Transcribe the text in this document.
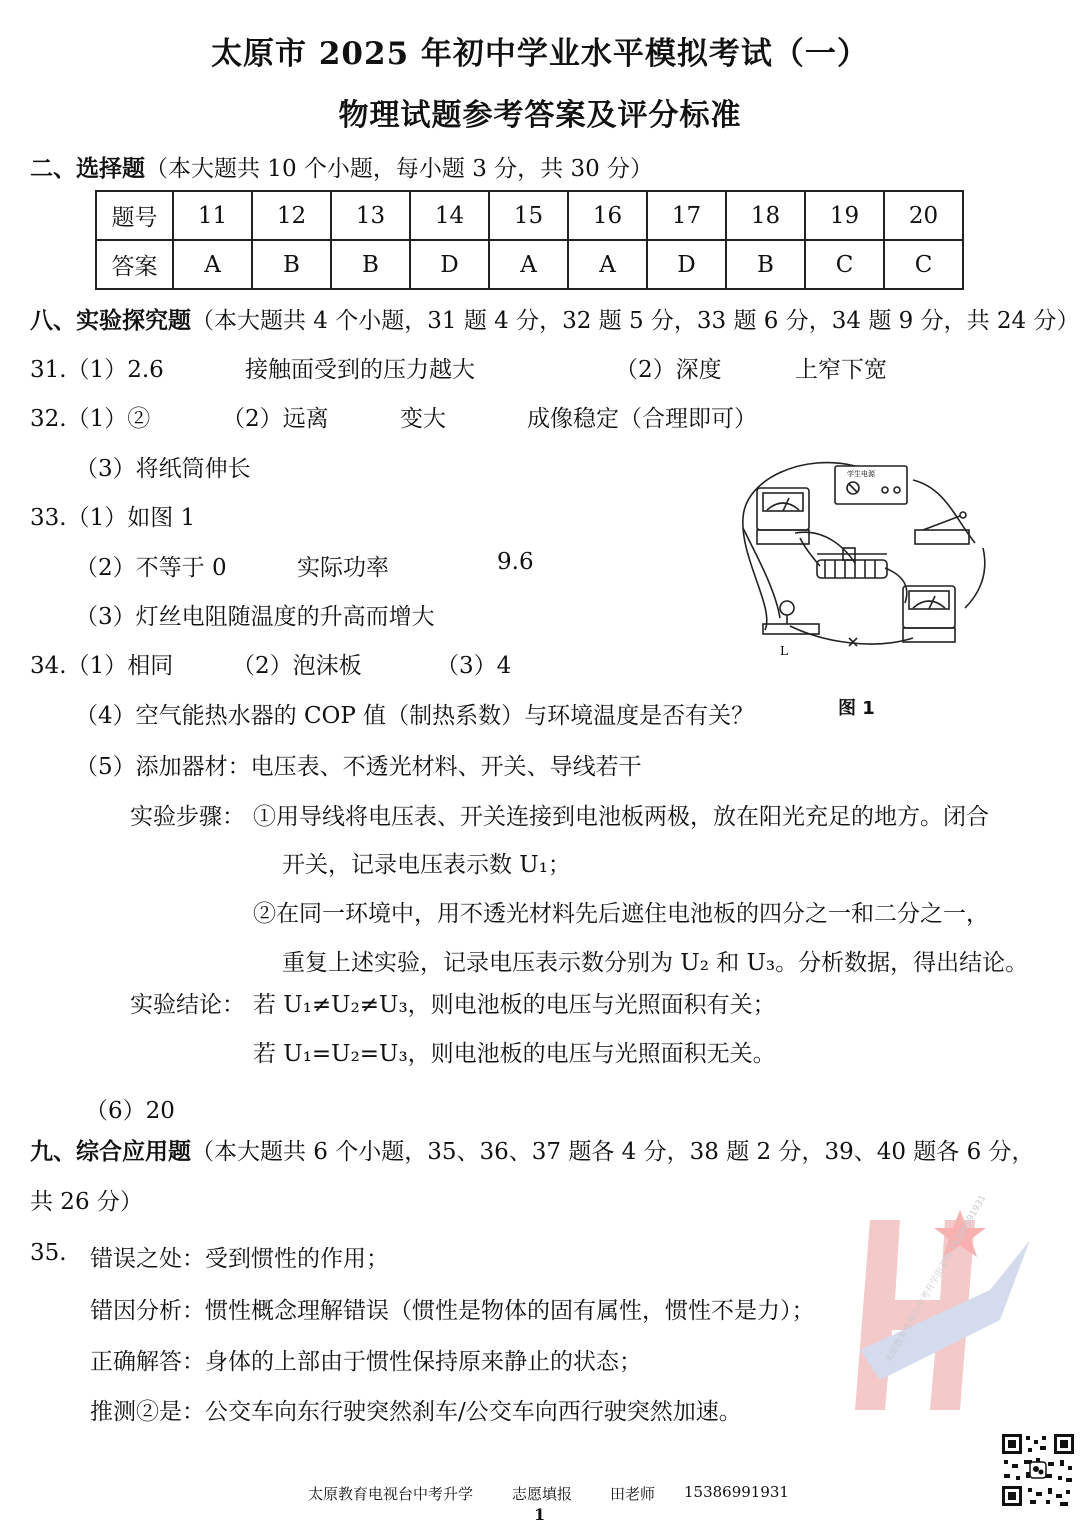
太原市 2025 年初中学业水平模拟考试（一）
物理试题参考答案及评分标准
二、选择题（本大题共 10 个小题，每小题 3 分，共 30 分）
题号	11	12	13	14	15	16	17	18	19	20
答案	A	B	B	D	A	A	D	B	C	C
八、实验探究题（本大题共 4 个小题，31 题 4 分，32 题 5 分，33 题 6 分，34 题 9 分，共 24 分）
31.（1）2.6	接触面受到的压力越大	（2）深度	上窄下宽
32.（1）②	（2）远离	变大	成像稳定（合理即可）
（3）将纸筒伸长
33.（1）如图 1
（2）不等于 0	实际功率	9.6
（3）灯丝电阻随温度的升高而增大
34.（1）相同	（2）泡沫板	（3）4
（4）空气能热水器的 COP 值（制热系数）与环境温度是否有关？
（5）添加器材：电压表、不透光材料、开关、导线若干
实验步骤： ①用导线将电压表、开关连接到电池板两极，放在阳光充足的地方。闭合
开关，记录电压表示数 U₁；
②在同一环境中，用不透光材料先后遮住电池板的四分之一和二分之一，
重复上述实验，记录电压表示数分别为 U₂ 和 U₃。分析数据，得出结论。
实验结论： 若 U₁≠U₂≠U₃，则电池板的电压与光照面积有关；
若 U₁=U₂=U₃，则电池板的电压与光照面积无关。
（6）20
学生电源
L
图 1
九、综合应用题（本大题共 6 个小题，35、36、37 题各 4 分，38 题 2 分，39、40 题各 6 分，
共 26 分）
35. 错误之处：受到惯性的作用；
错因分析：惯性概念理解错误（惯性是物体的固有属性，惯性不是力）；
正确解答：身体的上部由于惯性保持原来静止的状态；
推测②是：公交车向东行驶突然刹车/公交车向西行驶突然加速。
太原教育电视台中考升学田老师 15386991931
太原教育电视台中考升学	志愿填报	田老师 15386991931
1
